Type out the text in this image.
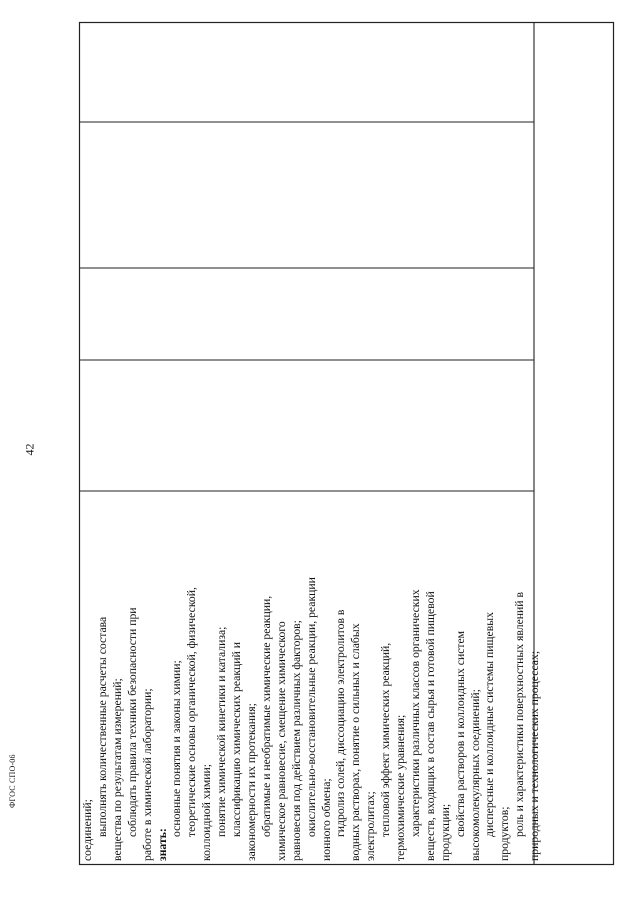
42

соединений; выполнять количественные расчеты состава вещества по результатам измерений; соблюдать правила техники безопасности при работе в химической лаборатории; знать:

основные понятия и законы химии; теоретические основы органической, физической, коллоидной химии; понятие химической кинетики и катализа; классификацию химических реакций и закономерности их протекания; обратимые и необратимые химические реакции, химическое равновесие, смещение химического равновесия под действием различных факторов; окислительно-восстановительные реакции, реакции ионного обмена; гидролиз солей, диссоциацию электролитов в водных растворах, понятие о сильных и слабых электролитах; тепловой эффект химических реакций, термохимические уравнения; характеристики различных классов органических веществ, входящих в состав сырья и готовой пищевой продукции; свойства растворов и коллоидных систем высокомолекулярных соединений; дисперсные и коллоидные системы пищевых продуктов; роль и характеристики поверхностных явлений в природных и технологических процессах;

ФГОС СПО-06
